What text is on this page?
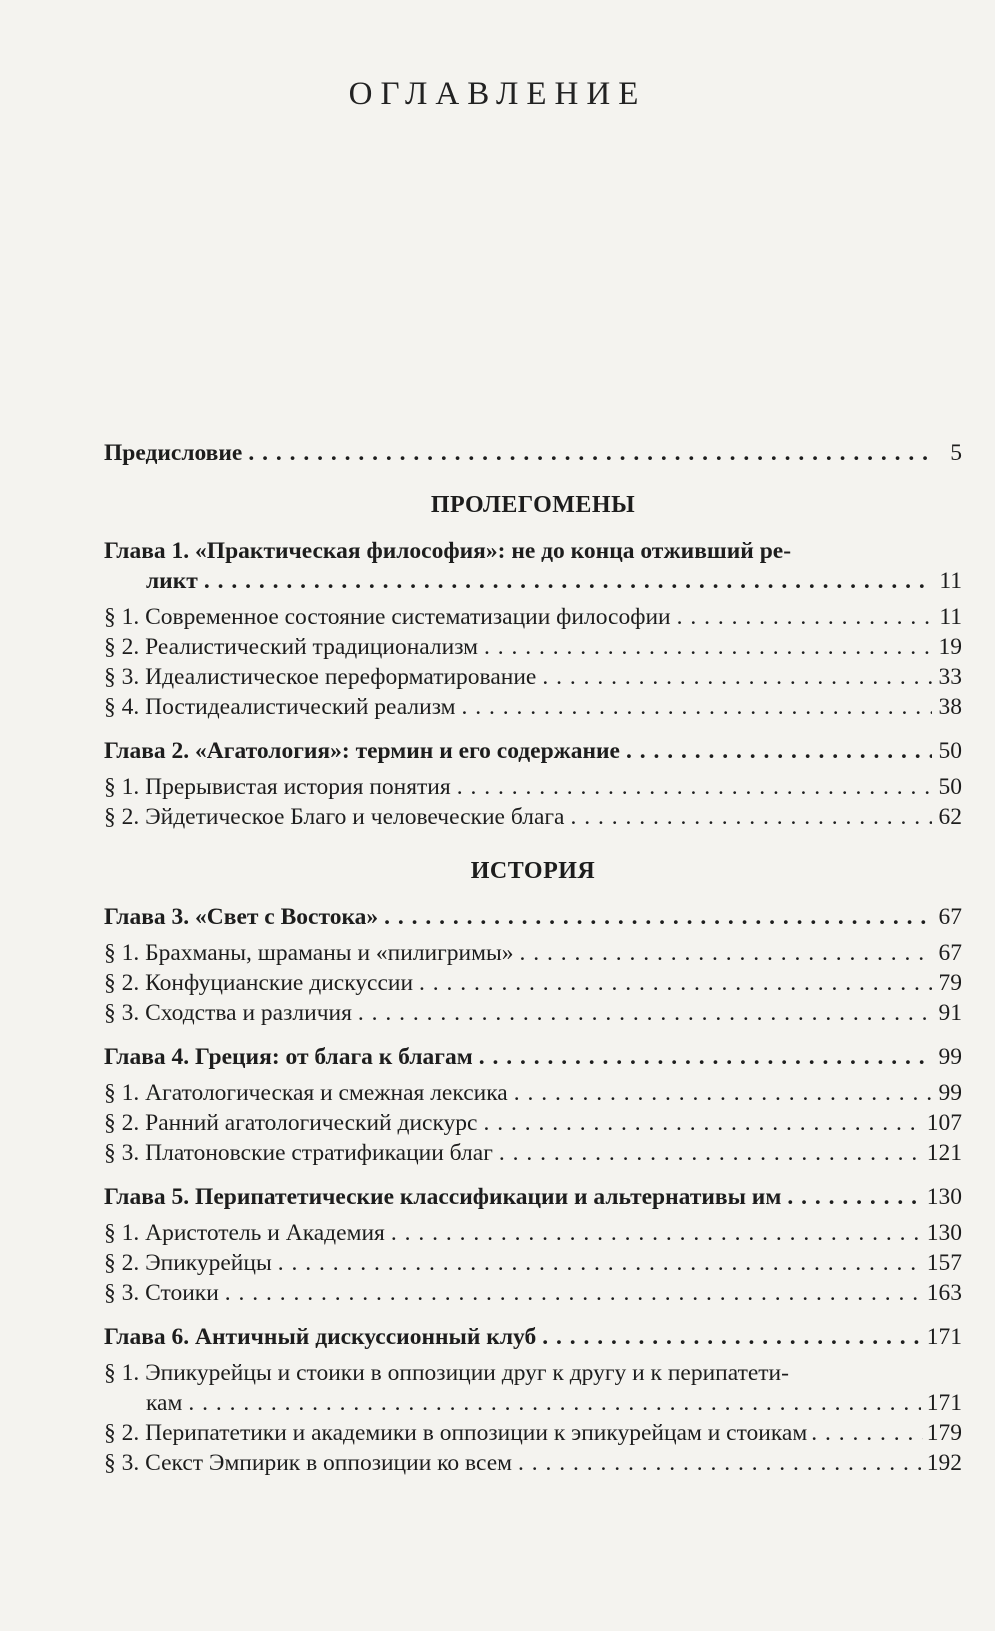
ОГЛАВЛЕНИЕ
Предисловие . . .	5
ПРОЛЕГОМЕНЫ
Глава 1. «Практическая философия»: не до конца отживший ре-
ликт . . .	11
§ 1. Современное состояние систематизации философии . . .	11
§ 2. Реалистический традиционализм . . .	19
§ 3. Идеалистическое переформатирование . . .	33
§ 4. Постидеалистический реализм . . .	38
Глава 2. «Агатология»: термин и его содержание . . .	50
§ 1. Прерывистая история понятия . . .	50
§ 2. Эйдетическое Благо и человеческие блага . . .	62
ИСТОРИЯ
Глава 3. «Свет с Востока» . . .	67
§ 1. Брахманы, шраманы и «пилигримы» . . .	67
§ 2. Конфуцианские дискуссии . . .	79
§ 3. Сходства и различия . . .	91
Глава 4. Греция: от блага к благам . . .	99
§ 1. Агатологическая и смежная лексика . . .	99
§ 2. Ранний агатологический дискурс . . .	107
§ 3. Платоновские стратификации благ . . .	121
Глава 5. Перипатетические классификации и альтернативы им . . .	130
§ 1. Аристотель и Академия . . .	130
§ 2. Эпикурейцы . . .	157
§ 3. Стоики . . .	163
Глава 6. Античный дискуссионный клуб . . .	171
§ 1. Эпикурейцы и стоики в оппозиции друг к другу и к перипатети-
кам . . .	171
§ 2. Перипатетики и академики в оппозиции к эпикурейцам и стоикам . . .	179
§ 3. Секст Эмпирик в оппозиции ко всем . . .	192
